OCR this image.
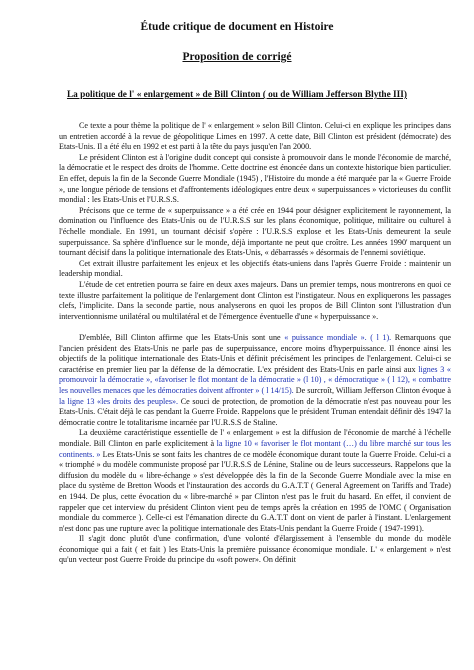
Étude critique de document en Histoire
Proposition de corrigé
La politique de l' « enlargement » de Bill Clinton ( ou de William Jefferson Blythe III)

Ce texte a pour thème la politique de l' « enlargement » selon Bill Clinton. Celui-ci en explique les principes dans un entretien accordé à la revue de géopolitique Limes en 1997. A cette date, Bill Clinton est président (démocrate) des Etats-Unis. Il a été élu en 1992 et est parti à la tête du pays jusqu'en l'an 2000.

Le président Clinton est à l'origine dudit concept qui consiste à promouvoir dans le monde l'économie de marché, la démocratie et le respect des droits de l'homme. Cette doctrine est énoncée dans un contexte historique bien particulier. En effet, depuis la fin de la Seconde Guerre Mondiale (1945) , l'Histoire du monde a été marquée par la « Guerre Froide », une longue période de tensions et d'affrontements idéologiques entre deux « superpuissances » victorieuses du conflit mondial : les Etats-Unis et l'U.R.S.S.

Précisons que ce terme de « superpuissance » a été crée en 1944 pour désigner explicitement le rayonnement, la domination ou l'influence des Etats-Unis ou de l'U.R.S.S sur les plans économique, politique, militaire ou culturel à l'échelle mondiale. En 1991, un tournant décisif s'opère : l'U.R.S.S explose et les Etats-Unis demeurent la seule superpuissance. Sa sphère d'influence sur le monde, déjà importante ne peut que croître. Les années 1990' marquent un tournant décisif dans la politique internationale des Etats-Unis, « débarrassés » désormais de l'ennemi soviétique.

Cet extrait illustre parfaitement les enjeux et les objectifs états-uniens dans l'après Guerre Froide : maintenir un leadership mondial.

L'étude de cet entretien pourra se faire en deux axes majeurs. Dans un premier temps, nous montrerons en quoi ce texte illustre parfaitement la politique de l'enlargement dont Clinton est l'instigateur. Nous en expliquerons les passages clefs, l'implicite. Dans la seconde partie, nous analyserons en quoi les propos de Bill Clinton sont l'illustration d'un interventionnisme unilatéral ou multilatéral et de l'émergence éventuelle d'une « hyperpuissance ».

D'emblée, Bill Clinton affirme que les Etats-Unis sont une « puissance mondiale ». ( l 1). Remarquons que l'ancien président des Etats-Unis ne parle pas de superpuissance, encore moins d'hyperpuissance. Il énonce ainsi les objectifs de la politique internationale des Etats-Unis et définit précisément les principes de l'enlargement. Celui-ci se caractérise en premier lieu par la défense de la démocratie. L'ex président des Etats-Unis en parle ainsi aux lignes 3 « promouvoir la démocratie », «favoriser le flot montant de la démocratie » (l 10) , « démocratique » ( l 12), « combattre les nouvelles menaces que les démocraties doivent affronter » ( l 14/15). De surcroît, William Jefferson Clinton évoque à la ligne 13 «les droits des peuples». Ce souci de protection, de promotion de la démocratie n'est pas nouveau pour les Etats-Unis. C'était déjà le cas pendant la Guerre Froide. Rappelons que le président Truman entendait définir dès 1947 la démocratie contre le totalitarisme incarnée par l'U.R.S.S de Staline.

La deuxième caractéristique essentielle de l' « enlargement » est la diffusion de l'économie de marché à l'échelle mondiale. Bill Clinton en parle explicitement à la ligne 10 « favoriser le flot montant (…) du libre marché sur tous les continents. » Les Etats-Unis se sont faits les chantres de ce modèle économique durant toute la Guerre Froide. Celui-ci a « triomphé » du modèle communiste proposé par l'U.R.S.S de Lénine, Staline ou de leurs successeurs. Rappelons que la diffusion du modèle du « libre-échange » s'est développée dès la fin de la Seconde Guerre Mondiale avec la mise en place du système de Bretton Woods et l'instauration des accords du G.A.T.T ( General Agreement on Tariffs and Trade) en 1944. De plus, cette évocation du « libre-marché » par Clinton n'est pas le fruit du hasard. En effet, il convient de rappeler que cet interview du président Clinton vient peu de temps après la création en 1995 de l'OMC ( Organisation mondiale du commerce ). Celle-ci est l'émanation directe du G.A.T.T dont on vient de parler à l'instant. L'enlargement n'est donc pas une rupture avec la politique internationale des Etats-Unis pendant la Guerre Froide ( 1947-1991).

Il s'agit donc plutôt d'une confirmation, d'une volonté d'élargissement à l'ensemble du monde du modèle économique qui a fait ( et fait ) les Etats-Unis la première puissance économique mondiale. L' « enlargement » n'est qu'un vecteur post Guerre Froide du principe du «soft power». On définit
